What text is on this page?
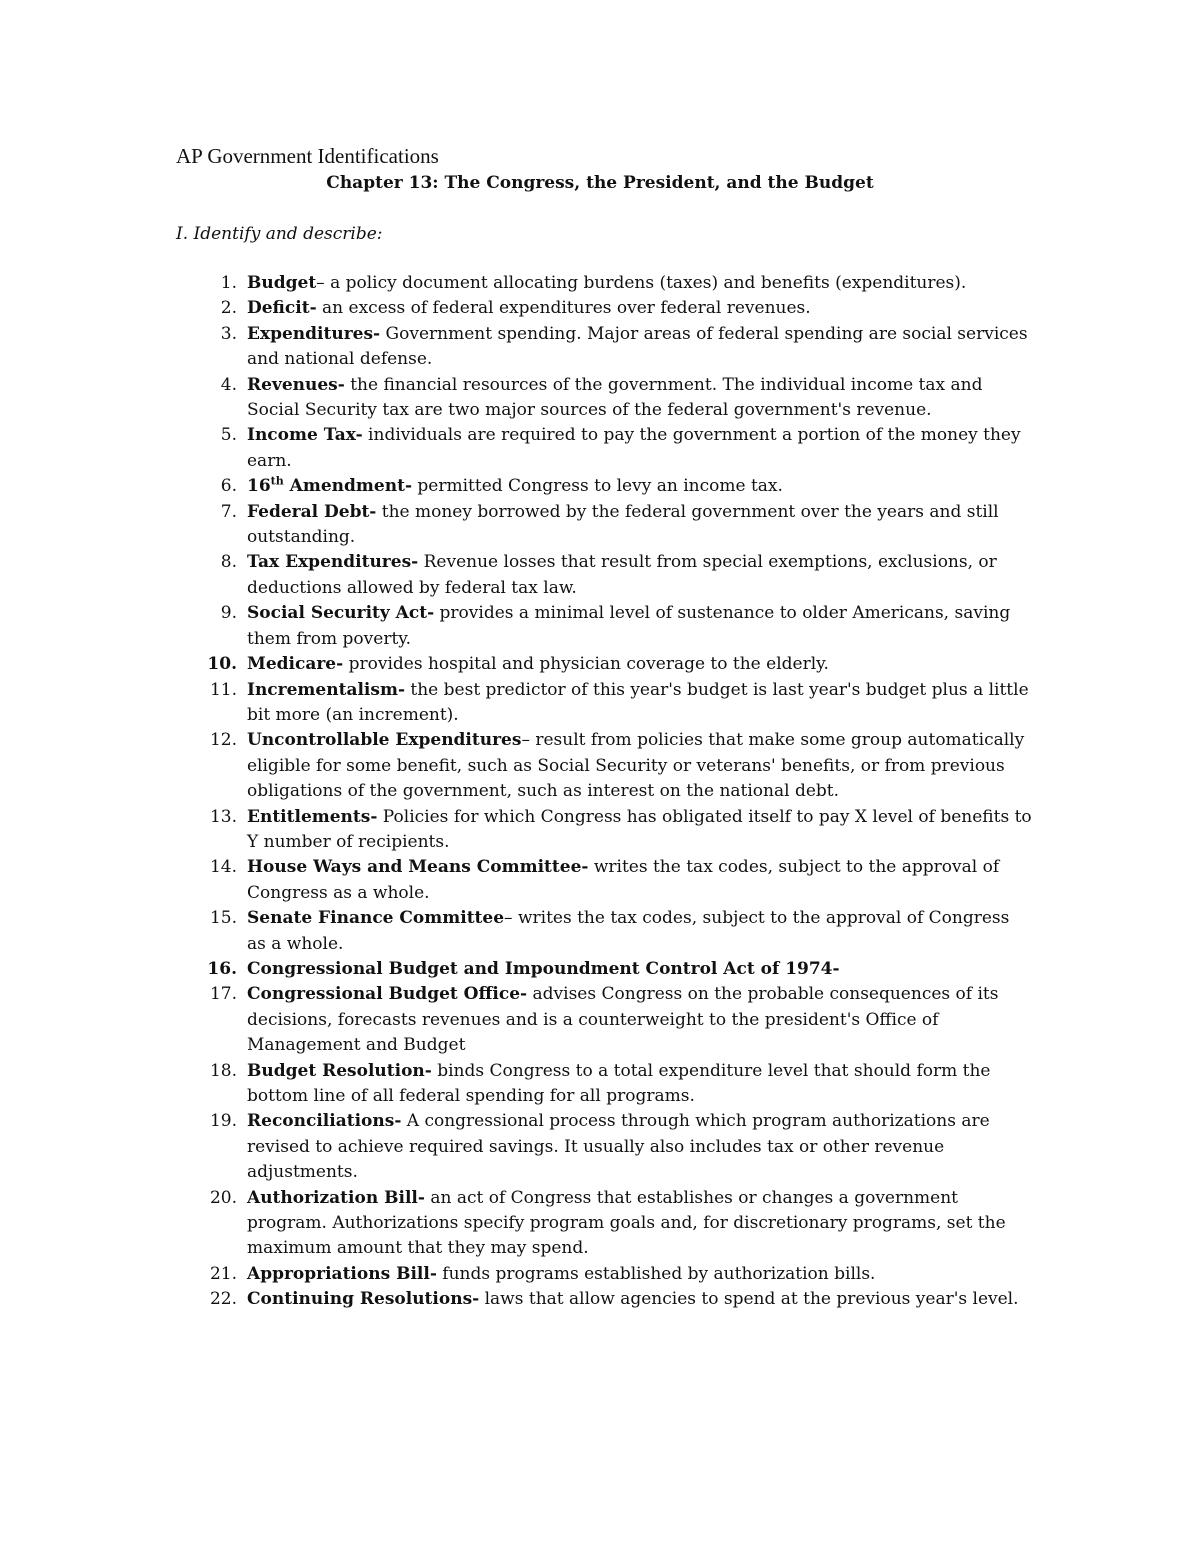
AP Government Identifications
Chapter 13: The Congress, the President, and the Budget
I. Identify and describe:
1. Budget– a policy document allocating burdens (taxes) and benefits (expenditures).
2. Deficit- an excess of federal expenditures over federal revenues.
3. Expenditures- Government spending. Major areas of federal spending are social services and national defense.
4. Revenues- the financial resources of the government. The individual income tax and Social Security tax are two major sources of the federal government's revenue.
5. Income Tax- individuals are required to pay the government a portion of the money they earn.
6. 16th Amendment- permitted Congress to levy an income tax.
7. Federal Debt- the money borrowed by the federal government over the years and still outstanding.
8. Tax Expenditures- Revenue losses that result from special exemptions, exclusions, or deductions allowed by federal tax law.
9. Social Security Act- provides a minimal level of sustenance to older Americans, saving them from poverty.
10. Medicare- provides hospital and physician coverage to the elderly.
11. Incrementalism- the best predictor of this year's budget is last year's budget plus a little bit more (an increment).
12. Uncontrollable Expenditures– result from policies that make some group automatically eligible for some benefit, such as Social Security or veterans' benefits, or from previous obligations of the government, such as interest on the national debt.
13. Entitlements- Policies for which Congress has obligated itself to pay X level of benefits to Y number of recipients.
14. House Ways and Means Committee- writes the tax codes, subject to the approval of Congress as a whole.
15. Senate Finance Committee– writes the tax codes, subject to the approval of Congress as a whole.
16. Congressional Budget and Impoundment Control Act of 1974-
17. Congressional Budget Office- advises Congress on the probable consequences of its decisions, forecasts revenues and is a counterweight to the president's Office of Management and Budget
18. Budget Resolution- binds Congress to a total expenditure level that should form the bottom line of all federal spending for all programs.
19. Reconciliations- A congressional process through which program authorizations are revised to achieve required savings. It usually also includes tax or other revenue adjustments.
20. Authorization Bill- an act of Congress that establishes or changes a government program. Authorizations specify program goals and, for discretionary programs, set the maximum amount that they may spend.
21. Appropriations Bill- funds programs established by authorization bills.
22. Continuing Resolutions- laws that allow agencies to spend at the previous year's level.
